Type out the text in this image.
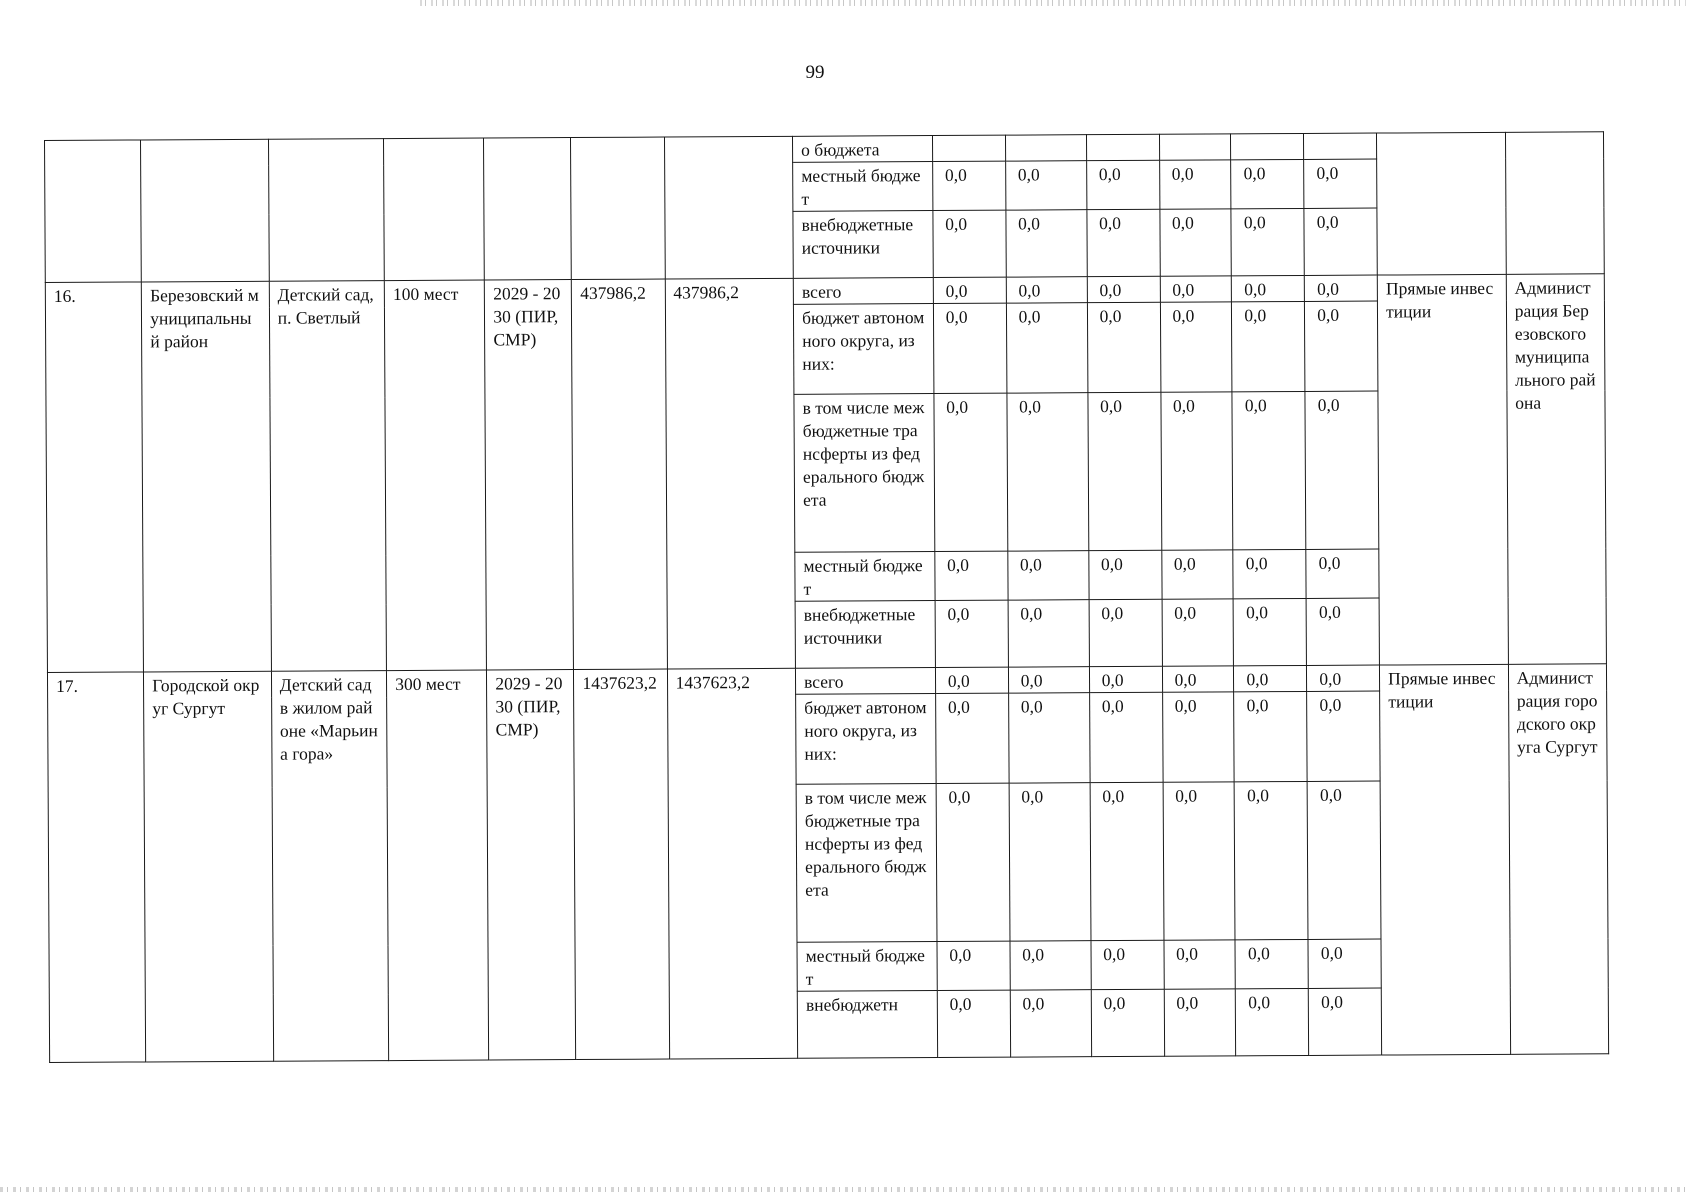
99
							о бюджета								
							местный бюджет	0,0	0,0	0,0	0,0	0,0	0,0		
							внебюджетные источники	0,0	0,0	0,0	0,0	0,0	0,0		
16.	Березовский муниципальный район	Детский сад, п. Светлый	100 мест	2029 - 2030 (ПИР, СМР)	437986,2	437986,2	всего	0,0	0,0	0,0	0,0	0,0	0,0	Прямые инвестиции	Администрация Березовского муниципального района
							бюджет автономного округа, из них:	0,0	0,0	0,0	0,0	0,0	0,0		
							в том числе межбюджетные трансферты из федерального бюджета	0,0	0,0	0,0	0,0	0,0	0,0		
							местный бюджет	0,0	0,0	0,0	0,0	0,0	0,0		
							внебюджетные источники	0,0	0,0	0,0	0,0	0,0	0,0		
17.	Городской округ Сургут	Детский сад в жилом районе «Марьина гора»	300 мест	2029 - 2030 (ПИР, СМР)	1437623,2	1437623,2	всего	0,0	0,0	0,0	0,0	0,0	0,0	Прямые инвестиции	Администрация городского округа Сургут
							бюджет автономного округа, из них:	0,0	0,0	0,0	0,0	0,0	0,0		
							в том числе межбюджетные трансферты из федерального бюджета	0,0	0,0	0,0	0,0	0,0	0,0		
							местный бюджет	0,0	0,0	0,0	0,0	0,0	0,0		
							внебюджетн	0,0	0,0	0,0	0,0	0,0	0,0		
